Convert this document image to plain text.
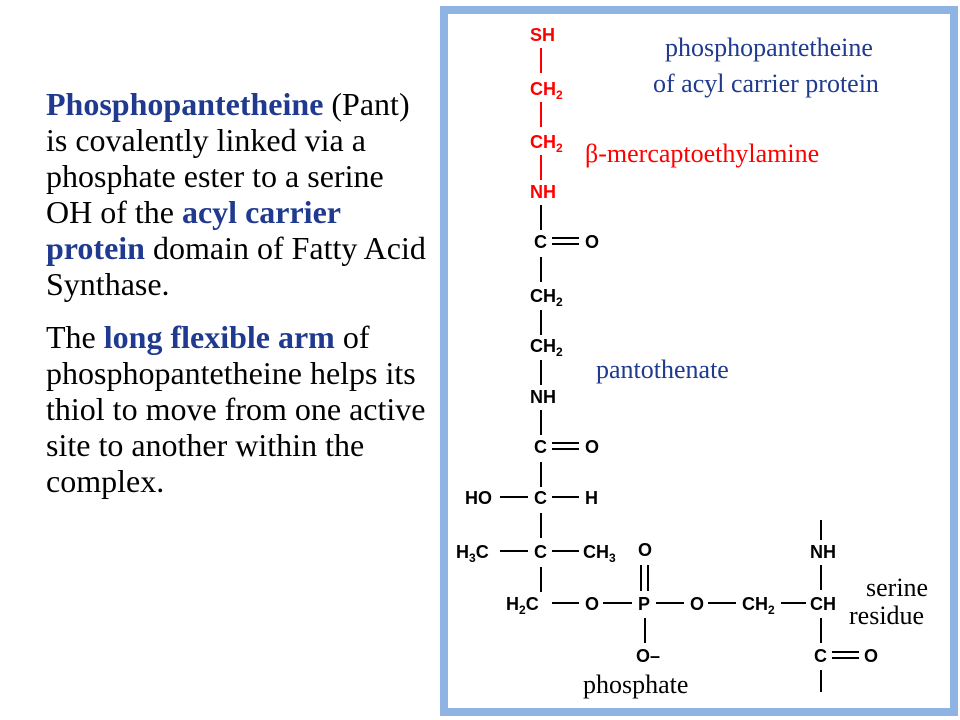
Phosphopantetheine (Pant) is covalently linked via a phosphate ester to a serine OH of the acyl carrier protein domain of Fatty Acid Synthase.

The long flexible arm of phosphopantetheine helps its thiol to move from one active site to another within the complex.

phosphopantetheine
of acyl carrier protein
β-mercaptoethylamine
pantothenate
serine
residue
phosphate
SH
$CH_2$
$CH_2$
NH
C O
$CH_2$
$CH_2$
NH
C O
HO C H
$H_3C$	C $CH_3$
$H_2C$	O P O $CH_2$ CH
O
O–
NH
C O
